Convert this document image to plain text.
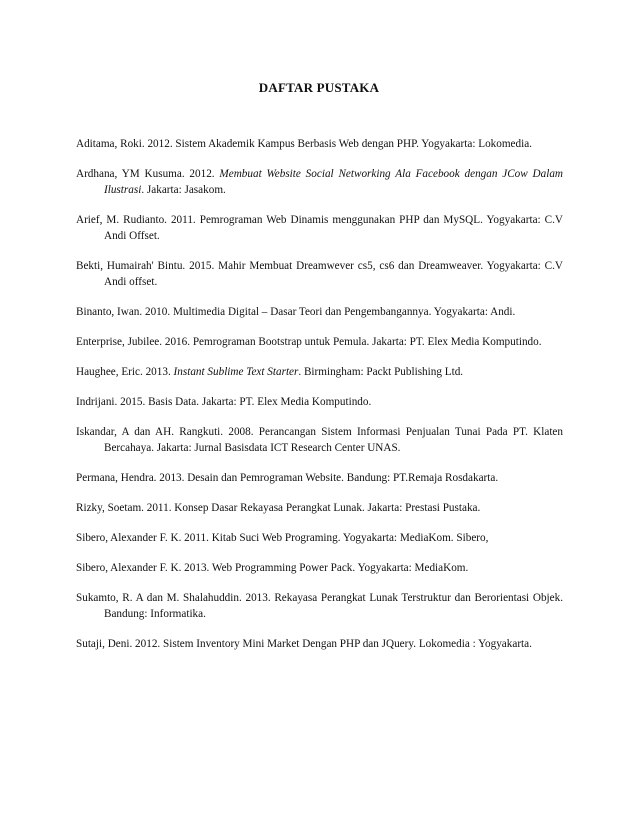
DAFTAR PUSTAKA
Aditama, Roki. 2012. Sistem Akademik Kampus Berbasis Web dengan PHP. Yogyakarta: Lokomedia.
Ardhana, YM Kusuma. 2012. Membuat Website Social Networking Ala Facebook dengan JCow Dalam Ilustrasi. Jakarta: Jasakom.
Arief, M. Rudianto. 2011. Pemrograman Web Dinamis menggunakan PHP dan MySQL. Yogyakarta: C.V Andi Offset.
Bekti, Humairah' Bintu. 2015. Mahir Membuat Dreamwever cs5, cs6 dan Dreamweaver. Yogyakarta: C.V Andi offset.
Binanto, Iwan. 2010. Multimedia Digital – Dasar Teori dan Pengembangannya. Yogyakarta: Andi.
Enterprise, Jubilee. 2016. Pemrograman Bootstrap untuk Pemula. Jakarta: PT. Elex Media Komputindo.
Haughee, Eric. 2013. Instant Sublime Text Starter. Birmingham: Packt Publishing Ltd.
Indrijani. 2015. Basis Data. Jakarta: PT. Elex Media Komputindo.
Iskandar, A dan AH. Rangkuti. 2008. Perancangan Sistem Informasi Penjualan Tunai Pada PT. Klaten Bercahaya. Jakarta: Jurnal Basisdata ICT Research Center UNAS.
Permana, Hendra. 2013. Desain dan Pemrograman Website. Bandung: PT.Remaja Rosdakarta.
Rizky, Soetam. 2011. Konsep Dasar Rekayasa Perangkat Lunak. Jakarta: Prestasi Pustaka.
Sibero, Alexander F. K. 2011. Kitab Suci Web Programing. Yogyakarta: MediaKom. Sibero,
Sibero, Alexander F. K. 2013. Web Programming Power Pack. Yogyakarta: MediaKom.
Sukamto, R. A dan M. Shalahuddin. 2013. Rekayasa Perangkat Lunak Terstruktur dan Berorientasi Objek. Bandung: Informatika.
Sutaji, Deni. 2012. Sistem Inventory Mini Market Dengan PHP dan JQuery. Lokomedia : Yogyakarta.
